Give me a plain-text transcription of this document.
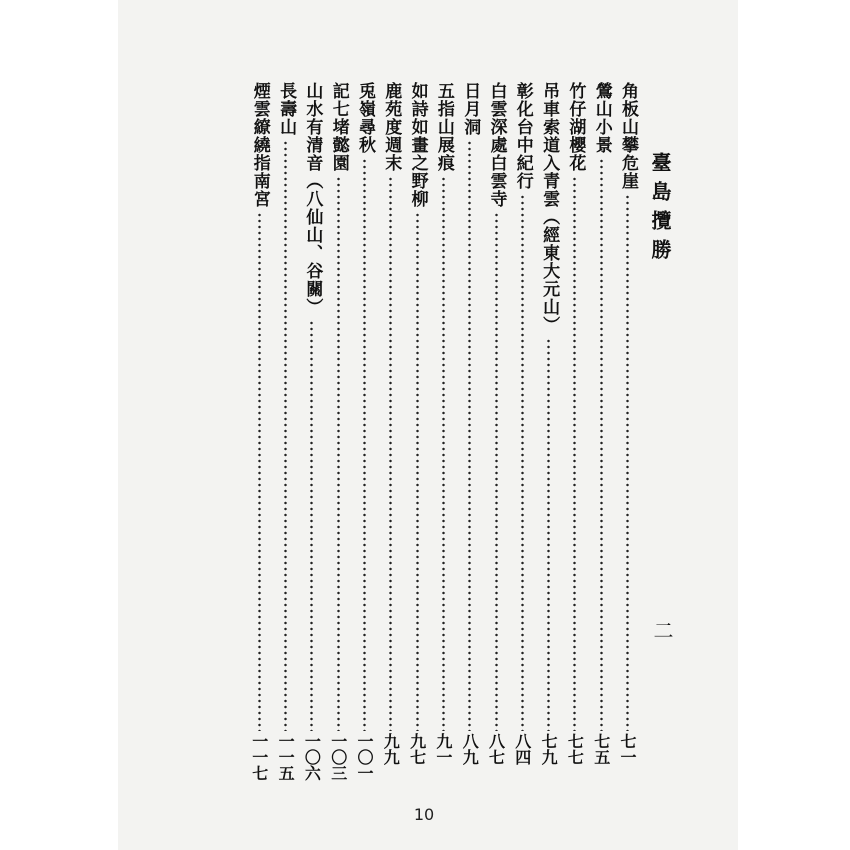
臺島攬勝
二
角板山攀危崖
七一
鶯山小景
七五
竹仔湖櫻花
七七
吊車索道入青雲（經東大元山）
七九
彰化台中紀行
八四
白雲深處白雲寺
八七
日月洞
八九
五指山展痕
九一
如詩如畫之野柳
九七
鹿苑度週末
九九
兎嶺尋秋
一〇一
記七堵懿園
一〇三
山水有清音（八仙山、谷關）
一〇六
長壽山
一一五
煙雲繚繞指南宮
一一七
10
